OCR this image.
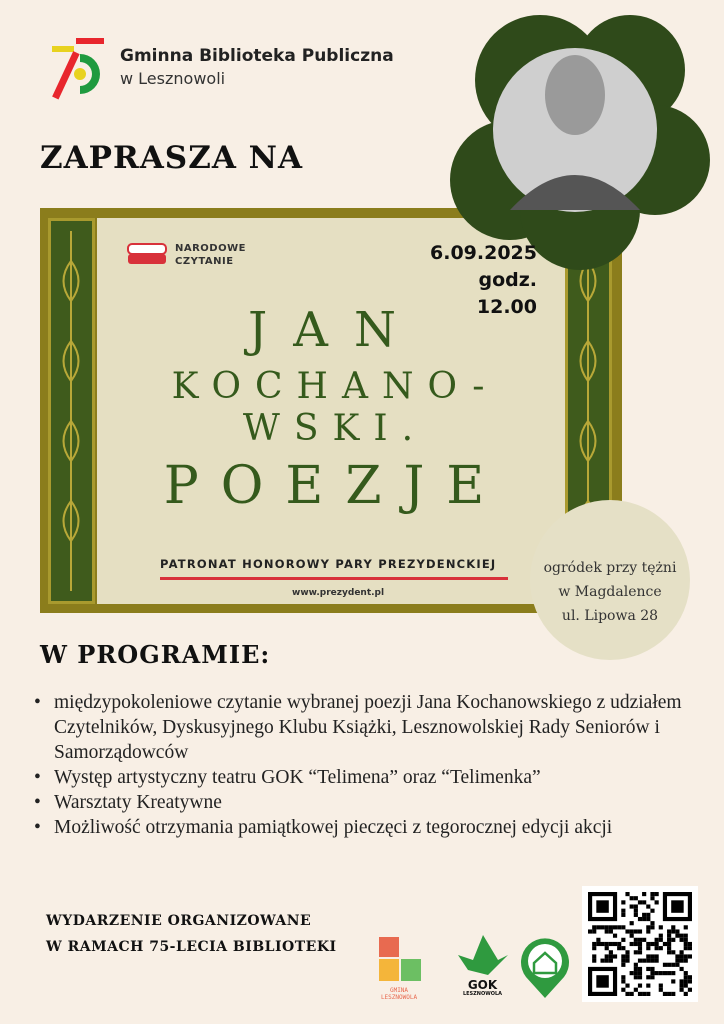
Gminna Biblioteka Publiczna
w Lesznowoli
ZAPRASZA NA
NARODOWE
CZYTANIE	6.09.2025
godz. 12.00
JAN
KOCHANO-
WSKI.
POEZJE
PATRONAT HONOROWY PARY PREZYDENCKIEJ
www.prezydent.pl
ogródek przy tężni
w Magdalence
ul. Lipowa 28
W PROGRAMIE:
• międzypokoleniowe czytanie wybranej poezji Jana Kochanowskiego z udziałem Czytelników, Dyskusyjnego Klubu Książki, Lesznowolskiej Rady Seniorów i Samorządowców
• Występ artystyczny teatru GOK “Telimena” oraz “Telimenka”
• Warsztaty Kreatywne
• Możliwość otrzymania pamiątkowej pieczęci z tegorocznej edycji akcji
WYDARZENIE ORGANIZOWANE
W RAMACH 75-LECIA BIBLIOTEKI
GMINA LESZNOWOLA
GOK
LESZNOWOLA
